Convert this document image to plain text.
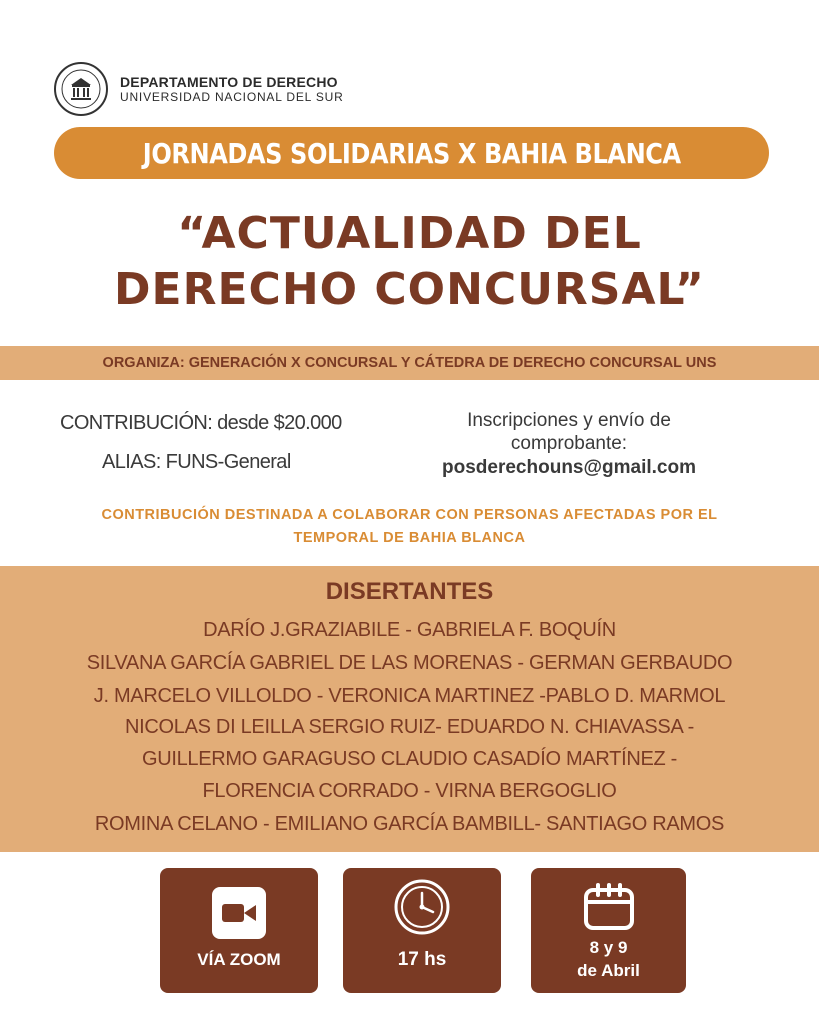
DEPARTAMENTO DE DERECHO
UNIVERSIDAD NACIONAL DEL SUR
JORNADAS SOLIDARIAS X BAHIA BLANCA
“ACTUALIDAD DEL
DERECHO CONCURSAL”
ORGANIZA: GENERACIÓN X CONCURSAL Y CÁTEDRA DE DERECHO CONCURSAL UNS
CONTRIBUCIÓN: desde $20.000
ALIAS: FUNS-General
Inscripciones y envío de comprobante:
posderechouns@gmail.com
CONTRIBUCIÓN DESTINADA A COLABORAR CON PERSONAS AFECTADAS POR EL
TEMPORAL DE BAHIA BLANCA
DISERTANTES
DARÍO J.GRAZIABILE - GABRIELA F. BOQUÍN
SILVANA GARCÍA GABRIEL DE LAS MORENAS - GERMAN GERBAUDO
J. MARCELO VILLOLDO - VERONICA MARTINEZ -PABLO D. MARMOL
NICOLAS DI LEILLA SERGIO RUIZ- EDUARDO N. CHIAVASSA -
GUILLERMO GARAGUSO CLAUDIO CASADÍO MARTÍNEZ -
FLORENCIA CORRADO - VIRNA BERGOGLIO
ROMINA CELANO - EMILIANO GARCÍA BAMBILL- SANTIAGO RAMOS
VÍA ZOOM	17 hs
8 y 9
de Abril
